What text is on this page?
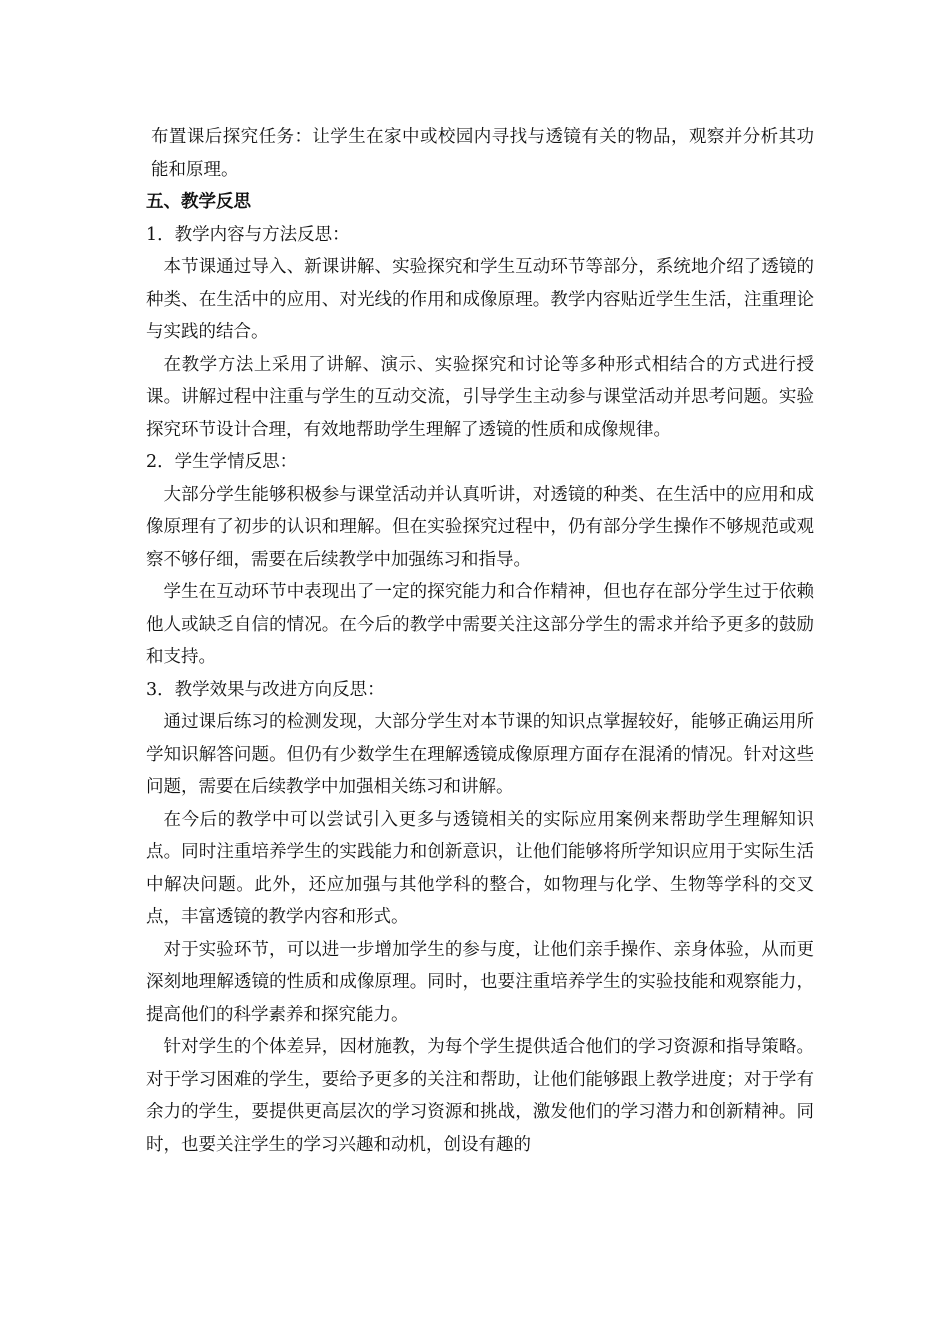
布置课后探究任务：让学生在家中或校园内寻找与透镜有关的物品，观察并分析其功能和原理。

五、教学反思

1．教学内容与方法反思：

本节课通过导入、新课讲解、实验探究和学生互动环节等部分，系统地介绍了透镜的种类、在生活中的应用、对光线的作用和成像原理。教学内容贴近学生生活，注重理论与实践的结合。

在教学方法上采用了讲解、演示、实验探究和讨论等多种形式相结合的方式进行授课。讲解过程中注重与学生的互动交流，引导学生主动参与课堂活动并思考问题。实验探究环节设计合理，有效地帮助学生理解了透镜的性质和成像规律。

2．学生学情反思：

大部分学生能够积极参与课堂活动并认真听讲，对透镜的种类、在生活中的应用和成像原理有了初步的认识和理解。但在实验探究过程中，仍有部分学生操作不够规范或观察不够仔细，需要在后续教学中加强练习和指导。

学生在互动环节中表现出了一定的探究能力和合作精神，但也存在部分学生过于依赖他人或缺乏自信的情况。在今后的教学中需要关注这部分学生的需求并给予更多的鼓励和支持。

3．教学效果与改进方向反思：

通过课后练习的检测发现，大部分学生对本节课的知识点掌握较好，能够正确运用所学知识解答问题。但仍有少数学生在理解透镜成像原理方面存在混淆的情况。针对这些问题，需要在后续教学中加强相关练习和讲解。

在今后的教学中可以尝试引入更多与透镜相关的实际应用案例来帮助学生理解知识点。同时注重培养学生的实践能力和创新意识，让他们能够将所学知识应用于实际生活中解决问题。此外，还应加强与其他学科的整合，如物理与化学、生物等学科的交叉点，丰富透镜的教学内容和形式。

对于实验环节，可以进一步增加学生的参与度，让他们亲手操作、亲身体验，从而更深刻地理解透镜的性质和成像原理。同时，也要注重培养学生的实验技能和观察能力，提高他们的科学素养和探究能力。

针对学生的个体差异，因材施教，为每个学生提供适合他们的学习资源和指导策略。对于学习困难的学生，要给予更多的关注和帮助，让他们能够跟上教学进度；对于学有余力的学生，要提供更高层次的学习资源和挑战，激发他们的学习潜力和创新精神。同时，也要关注学生的学习兴趣和动机，创设有趣的
